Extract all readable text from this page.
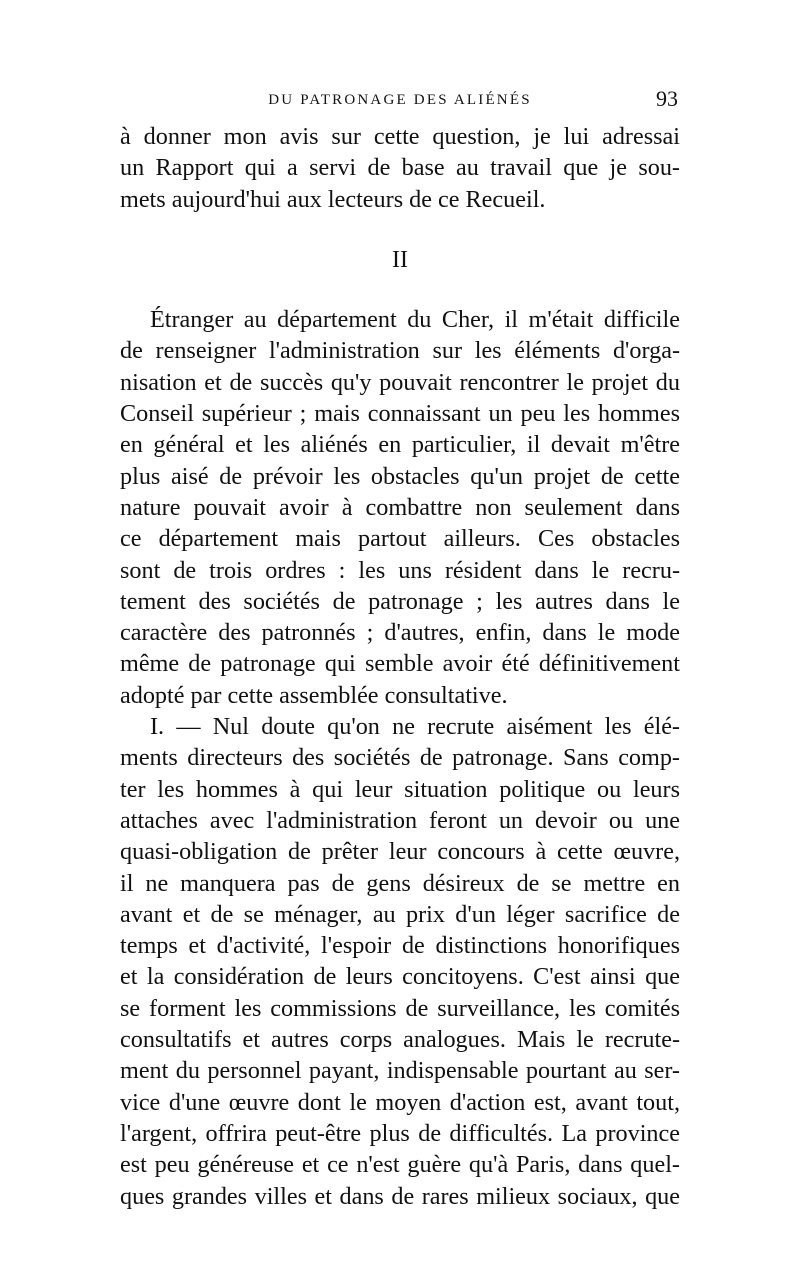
DU PATRONAGE DES ALIÉNÉS	93
à donner mon avis sur cette question, je lui adressai
un Rapport qui a servi de base au travail que je sou-
mets aujourd'hui aux lecteurs de ce Recueil.
II
Étranger au département du Cher, il m'était difficile
de renseigner l'administration sur les éléments d'orga-
nisation et de succès qu'y pouvait rencontrer le projet du
Conseil supérieur ; mais connaissant un peu les hommes
en général et les aliénés en particulier, il devait m'être
plus aisé de prévoir les obstacles qu'un projet de cette
nature pouvait avoir à combattre non seulement dans
ce département mais partout ailleurs. Ces obstacles
sont de trois ordres : les uns résident dans le recru-
tement des sociétés de patronage ; les autres dans le
caractère des patronnés ; d'autres, enfin, dans le mode
même de patronage qui semble avoir été définitivement
adopté par cette assemblée consultative.
I. — Nul doute qu'on ne recrute aisément les élé-
ments directeurs des sociétés de patronage. Sans comp-
ter les hommes à qui leur situation politique ou leurs
attaches avec l'administration feront un devoir ou une
quasi-obligation de prêter leur concours à cette œuvre,
il ne manquera pas de gens désireux de se mettre en
avant et de se ménager, au prix d'un léger sacrifice de
temps et d'activité, l'espoir de distinctions honorifiques
et la considération de leurs concitoyens. C'est ainsi que
se forment les commissions de surveillance, les comités
consultatifs et autres corps analogues. Mais le recrute-
ment du personnel payant, indispensable pourtant au ser-
vice d'une œuvre dont le moyen d'action est, avant tout,
l'argent, offrira peut-être plus de difficultés. La province
est peu généreuse et ce n'est guère qu'à Paris, dans quel-
ques grandes villes et dans de rares milieux sociaux, que
